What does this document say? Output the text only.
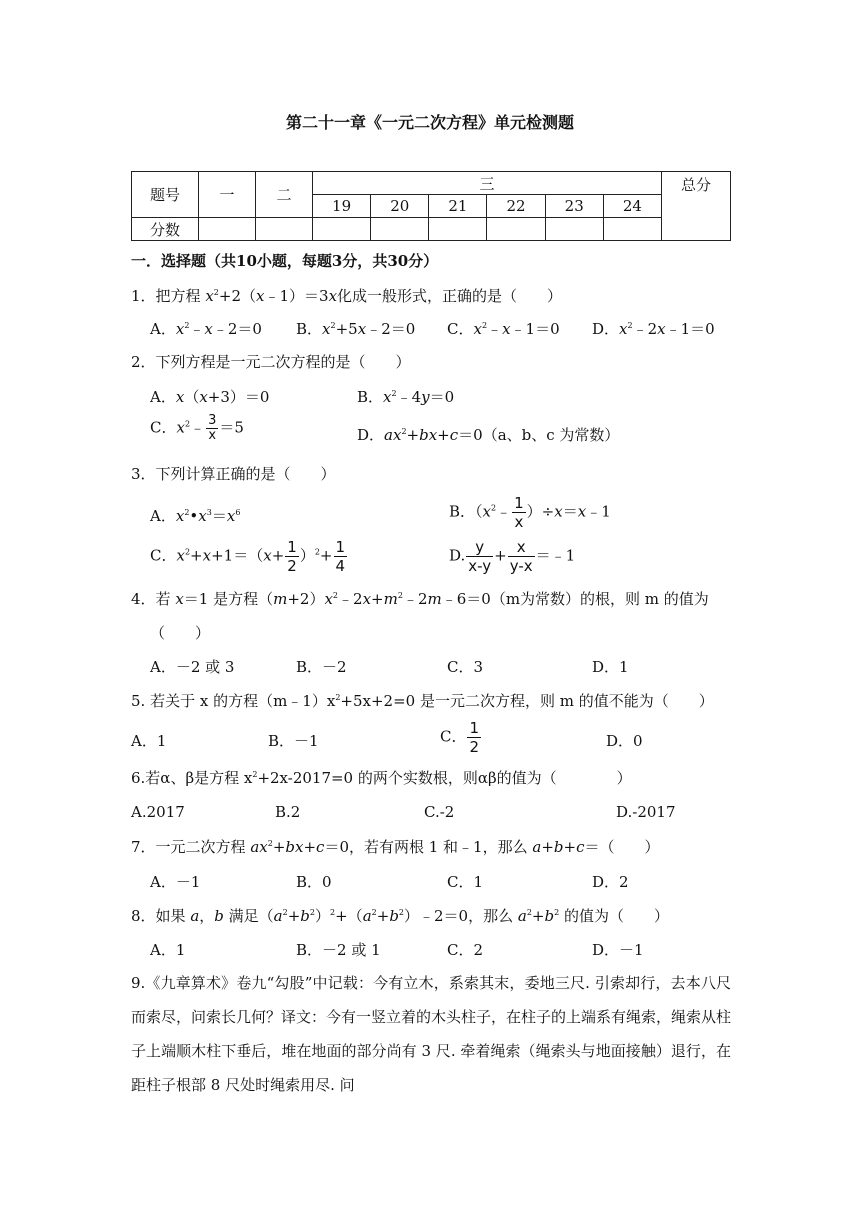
第二十一章《一元二次方程》单元检测题
题号	一	二	三						总分
			19	20	21	22	23	24	
分数									
一．选择题（共10小题，每题3分，共30分）
1．把方程 $x^2+2(x﹣1)=3x$化成一般形式，正确的是（　　）
A．$x^2﹣x﹣2=0$ B．$x^2+5x﹣2=0$ C．$x^2﹣x﹣1=0$ D．$x^2﹣2x﹣1=0$
2．下列方程是一元二次方程的是（　　）
A．x（x+3）＝0	B．$x^2﹣4y=0$
C．$x^2﹣ \frac{3}{x} =5$	D．$ax^2+bx+c=0(a$、b、c 为常数）
3．下列计算正确的是（　　）
A．$x^2•x^3=x^6$	B．（$x^2﹣ \frac{1}{x}$ ）÷x＝x﹣1
C．$x^2+x+1=(x+ \frac{1}{2} )^2+ \frac{1}{4}$	D. $\frac{y}{x-y} + \frac{x}{y-x}$ ＝﹣1
4．若 x＝1 是方程$(m+2)x^2﹣2x+m^2﹣2m﹣6=0(m$为常数）的根，则 m 的值为
（　　）
A．－2 或 3	B．－2	C．3	D．1
5. 若关于 x 的方程$(m﹣1)x^2+5x+2=0$ 是一元二次方程，则 m 的值不能为（　　）
A．1	B．－1	C． $\frac{1}{2}$	D．0
6.若α、β是方程 $x^2+2x-2017=0$ 的两个实数根，则αβ的值为（　　　　）
A.2017	B.2	C.-2	D.-2017
7．一元二次方程 $ax^2+bx+c=0$，若有两根 1 和﹣1，那么 a+b+c＝（　　）
A．－1	B．0	C．1	D．2
8．如果 a，b 满足$(a^2+b^2)^2+(a^2+b^2)﹣2=0$，那么 $a^2+b^2$ 的值为（　　）
A．1	B．－2 或 1	C．2	D．－1
9.《九章算术》卷九“勾股”中记载：今有立木，系索其末，委地三尺. 引索却行，去本八尺而索尽，问索长几何？译文：今有一竖立着的木头柱子，在柱子的上端系有绳索，绳索从柱子上端顺木柱下垂后，堆在地面的部分尚有 3 尺. 牵着绳索（绳索头与地面接触）退行，在距柱子根部 8 尺处时绳索用尽. 问
